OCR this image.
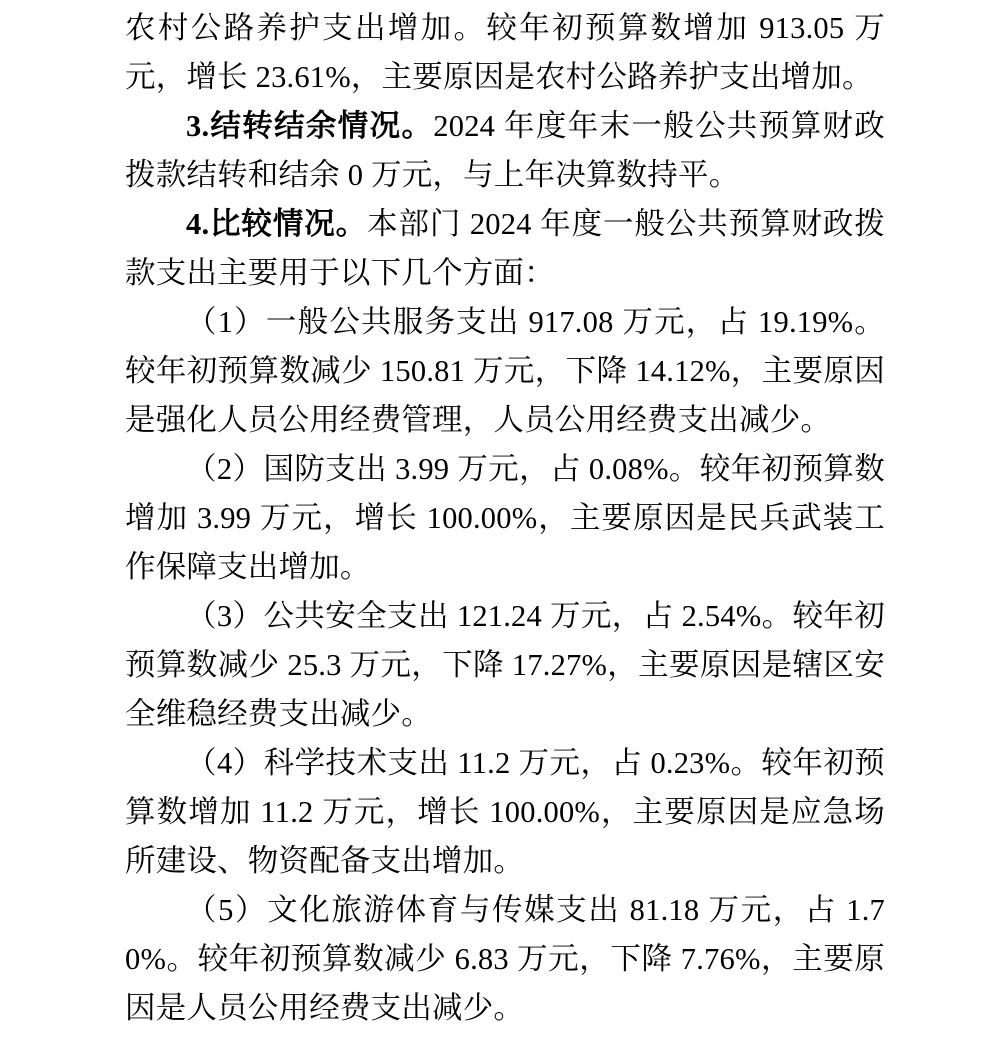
农村公路养护支出增加。较年初预算数增加 913.05 万元，增长 23.61%，主要原因是农村公路养护支出增加。

3.结转结余情况。2024 年度年末一般公共预算财政拨款结转和结余 0 万元，与上年决算数持平。

4.比较情况。本部门 2024 年度一般公共预算财政拨款支出主要用于以下几个方面：

（1）一般公共服务支出 917.08 万元，占 19.19%。较年初预算数减少 150.81 万元，下降 14.12%，主要原因是强化人员公用经费管理，人员公用经费支出减少。

（2）国防支出 3.99 万元，占 0.08%。较年初预算数增加 3.99 万元，增长 100.00%，主要原因是民兵武装工作保障支出增加。

（3）公共安全支出 121.24 万元，占 2.54%。较年初预算数减少 25.3 万元，下降 17.27%，主要原因是辖区安全维稳经费支出减少。

（4）科学技术支出 11.2 万元，占 0.23%。较年初预算数增加 11.2 万元，增长 100.00%，主要原因是应急场所建设、物资配备支出增加。

（5）文化旅游体育与传媒支出 81.18 万元，占 1.70%。较年初预算数减少 6.83 万元，下降 7.76%，主要原因是人员公用经费支出减少。
